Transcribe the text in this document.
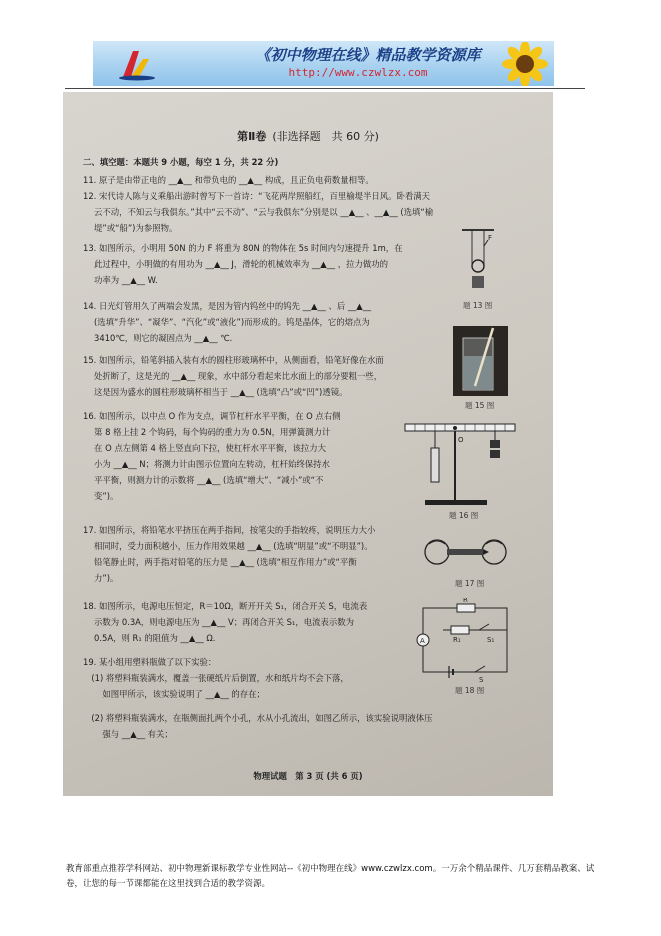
《初中物理在线》精品教学资源库
http://www.czwlzx.com
第Ⅱ卷 (非选择题　共 60 分)
二、填空题：本题共 9 小题，每空 1 分，共 22 分)
11. 原子是由带正电的 __▲__ 和带负电的 __▲__ 构成，且正负电荷数量相等。
12. 宋代诗人陈与义乘船出游时曾写下一首诗：“飞花两岸照船红，百里榆堤半日风。卧看满天
　 云不动，不知云与我俱东。”其中“云不动”、“云与我俱东”分别是以 __▲__ 、__▲__ (选填“榆
　 堤”或“船”)为参照物。
13. 如图所示，小明用 50N 的力 F 将重为 80N 的物体在 5s 时间内匀速提升 1m，在
　 此过程中，小明做的有用功为 __▲__ J，滑轮的机械效率为 __▲__ ，拉力做功的
　 功率为 __▲__ W.
14. 日光灯管用久了两端会发黑，是因为管内钨丝中的钨先 __▲__ 、后 __▲__
　 (选填“升华”、“凝华”、“汽化”或“液化”)而形成的。钨是晶体，它的熔点为
　 3410℃，则它的凝固点为 __▲__ ℃.
15. 如图所示，铅笔斜插入装有水的圆柱形玻璃杯中，从侧面看，铅笔好像在水面
　 处折断了，这是光的 __▲__ 现象，水中部分看起来比水面上的部分要粗一些，
　 这是因为盛水的圆柱形玻璃杯相当于 __▲__ (选填“凸”或“凹”)透镜。
16. 如图所示，以中点 O 作为支点，调节杠杆水平平衡，在 O 点右侧
　 第 8 格上挂 2 个钩码，每个钩码的重力为 0.5N，用弹簧测力计
　 在 O 点左侧第 4 格上竖直向下拉，使杠杆水平平衡，该拉力大
　 小为 __▲__ N；将测力计由图示位置向左转动，杠杆始终保持水
　 平平衡，则测力计的示数将 __▲__ (选填“增大”、“减小”或“不
　 变”)。
17. 如图所示，将铅笔水平挤压在两手指间，按笔尖的手指较疼，说明压力大小
　 相同时，受力面积越小，压力作用效果越 __▲__ (选填“明显”或“不明显”)。
　 铅笔静止时，两手指对铅笔的压力是 __▲__ (选填“相互作用力”或“平衡
　 力”)。
18. 如图所示，电源电压恒定，R＝10Ω，断开开关 S₁，闭合开关 S，电流表
　 示数为 0.3A，则电源电压为 __▲__ V；再闭合开关 S₁，电流表示数为
　 0.5A，则 R₁ 的阻值为 __▲__ Ω.
19. 某小组用塑料瓶做了以下实验：
　(1) 将塑料瓶装满水，覆盖一张硬纸片后倒置，水和纸片均不会下落，
　　 如图甲所示，该实验说明了 __▲__ 的存在；
　(2) 将塑料瓶装满水，在瓶侧面扎两个小孔，水从小孔流出，如图乙所示，该实验说明液体压
　　 强与 __▲__ 有关；
F
题 13 图
题 15 图
O
题 16 图
题 17 图
R
R₁	S₁
A
S
题 18 图
物理试题　第 3 页 (共 6 页)
教育部重点推荐学科网站、初中物理新课标教学专业性网站--《初中物理在线》www.czwlzx.com。一万余个精品课件、几万套精品教案、试卷，让您的每一节课都能在这里找到合适的教学资源。
